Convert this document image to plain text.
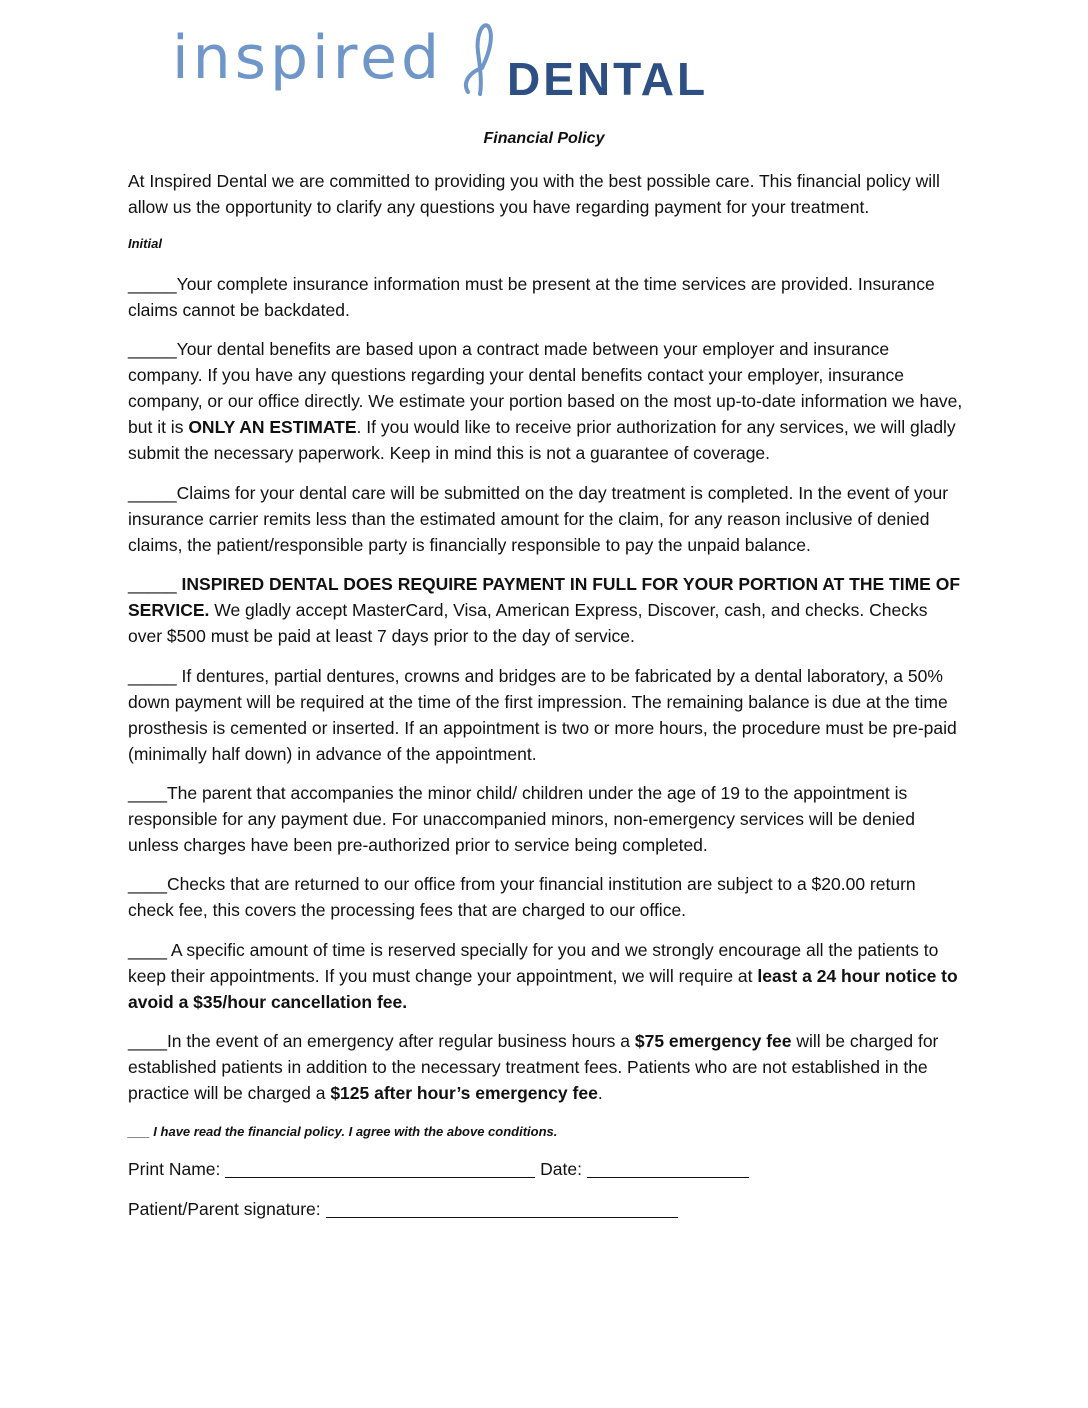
inspired DENTAL
Financial Policy

At Inspired Dental we are committed to providing you with the best possible care. This financial policy will allow us the opportunity to clarify any questions you have regarding payment for your treatment.

Initial

_____Your complete insurance information must be present at the time services are provided. Insurance claims cannot be backdated.

_____Your dental benefits are based upon a contract made between your employer and insurance company. If you have any questions regarding your dental benefits contact your employer, insurance company, or our office directly. We estimate your portion based on the most up-to-date information we have, but it is ONLY AN ESTIMATE. If you would like to receive prior authorization for any services, we will gladly submit the necessary paperwork. Keep in mind this is not a guarantee of coverage.

_____Claims for your dental care will be submitted on the day treatment is completed. In the event of your insurance carrier remits less than the estimated amount for the claim, for any reason inclusive of denied claims, the patient/responsible party is financially responsible to pay the unpaid balance.

_____ INSPIRED DENTAL DOES REQUIRE PAYMENT IN FULL FOR YOUR PORTION AT THE TIME OF SERVICE. We gladly accept MasterCard, Visa, American Express, Discover, cash, and checks. Checks over $500 must be paid at least 7 days prior to the day of service.

_____ If dentures, partial dentures, crowns and bridges are to be fabricated by a dental laboratory, a 50% down payment will be required at the time of the first impression. The remaining balance is due at the time prosthesis is cemented or inserted. If an appointment is two or more hours, the procedure must be pre-paid (minimally half down) in advance of the appointment.

____The parent that accompanies the minor child/ children under the age of 19 to the appointment is responsible for any payment due. For unaccompanied minors, non-emergency services will be denied unless charges have been pre-authorized prior to service being completed.

____Checks that are returned to our office from your financial institution are subject to a $20.00 return check fee, this covers the processing fees that are charged to our office.

____ A specific amount of time is reserved specially for you and we strongly encourage all the patients to keep their appointments. If you must change your appointment, we will require at least a 24 hour notice to avoid a $35/hour cancellation fee.

____In the event of an emergency after regular business hours a $75 emergency fee will be charged for established patients in addition to the necessary treatment fees. Patients who are not established in the practice will be charged a $125 after hour’s emergency fee.

___ I have read the financial policy. I agree with the above conditions.
Print Name:	Date:
Patient/Parent signature:
